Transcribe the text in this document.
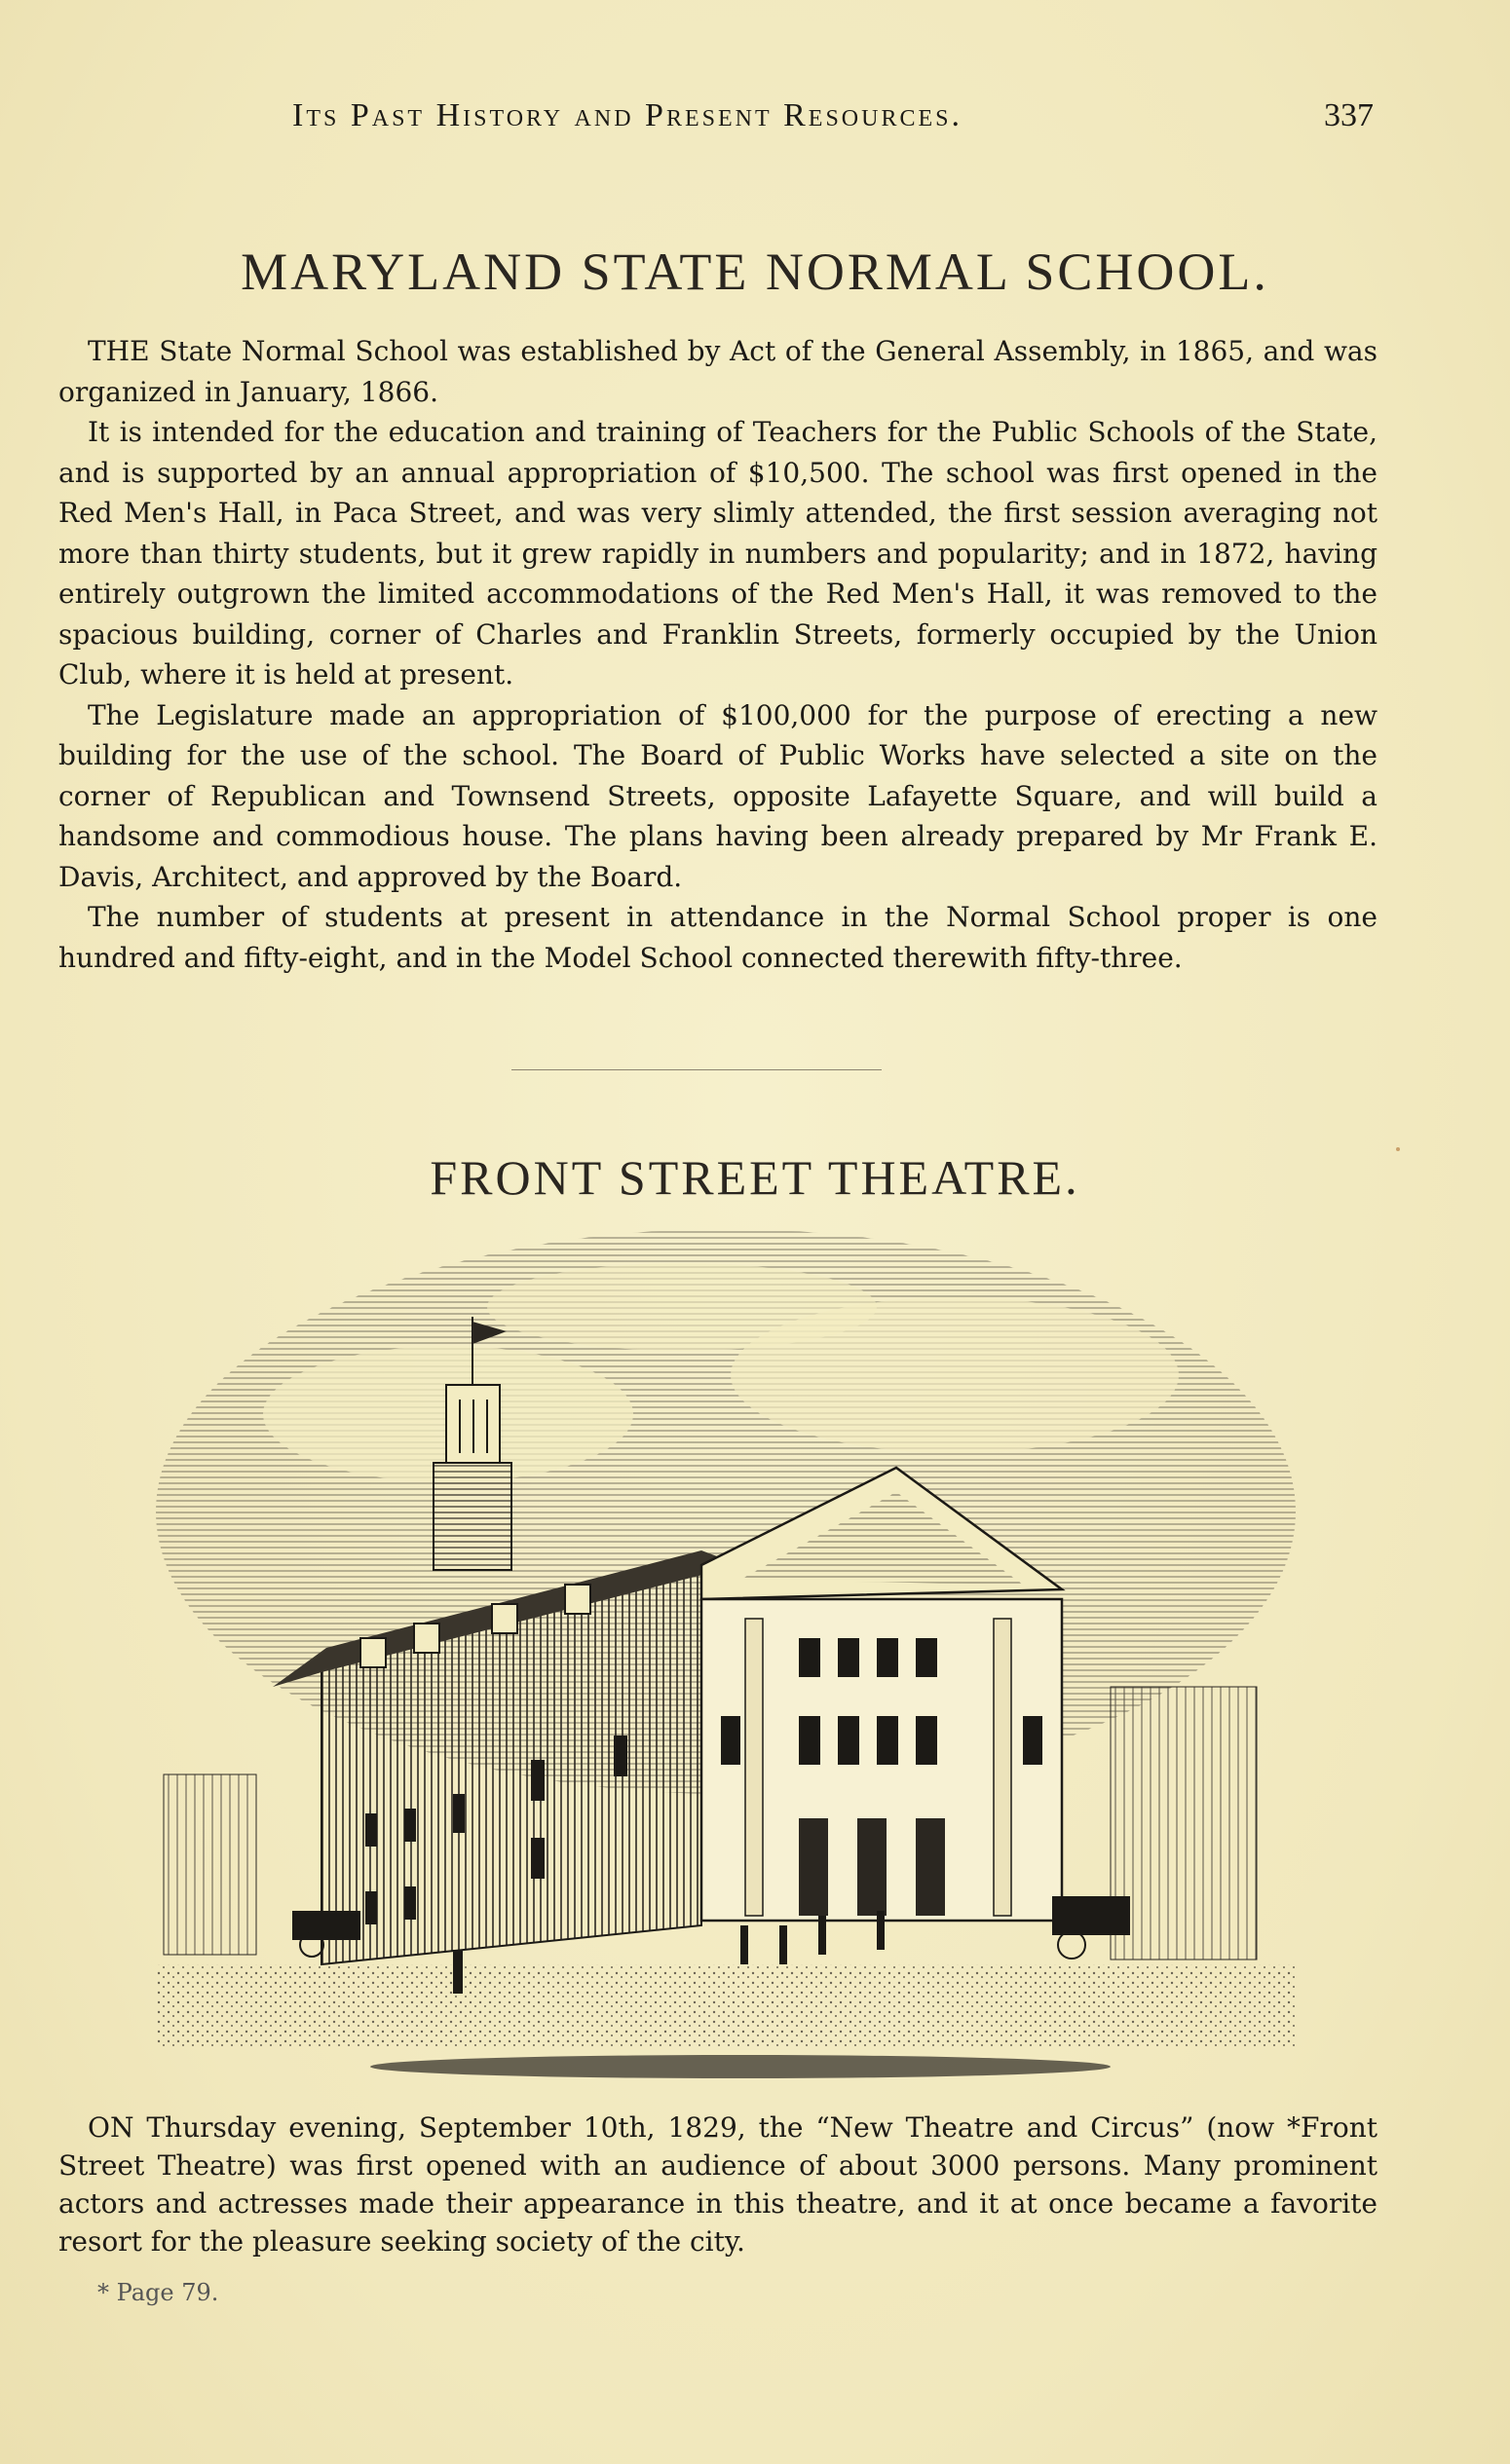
Its Past History and Present Resources.	337
MARYLAND STATE NORMAL SCHOOL.

THE State Normal School was established by Act of the General Assembly, in 1865, and was organized in January, 1866.

It is intended for the education and training of Teachers for the Public Schools of the State, and is supported by an annual appropriation of $10,500. The school was first opened in the Red Men's Hall, in Paca Street, and was very slimly attended, the first session averaging not more than thirty students, but it grew rapidly in numbers and popularity; and in 1872, having entirely outgrown the limited accommodations of the Red Men's Hall, it was removed to the spacious building, corner of Charles and Franklin Streets, formerly occupied by the Union Club, where it is held at present.

The Legislature made an appropriation of $100,000 for the purpose of erecting a new building for the use of the school. The Board of Public Works have selected a site on the corner of Republican and Townsend Streets, opposite Lafayette Square, and will build a handsome and commodious house. The plans having been already prepared by Mr Frank E. Davis, Architect, and approved by the Board.

The number of students at present in attendance in the Normal School proper is one hundred and fifty-eight, and in the Model School connected therewith fifty-three.

FRONT STREET THEATRE.

ON Thursday evening, September 10th, 1829, the “New Theatre and Circus” (now *Front Street Theatre) was first opened with an audience of about 3000 persons. Many prominent actors and actresses made their appearance in this theatre, and it at once became a favorite resort for the pleasure seeking society of the city.

* Page 79.
